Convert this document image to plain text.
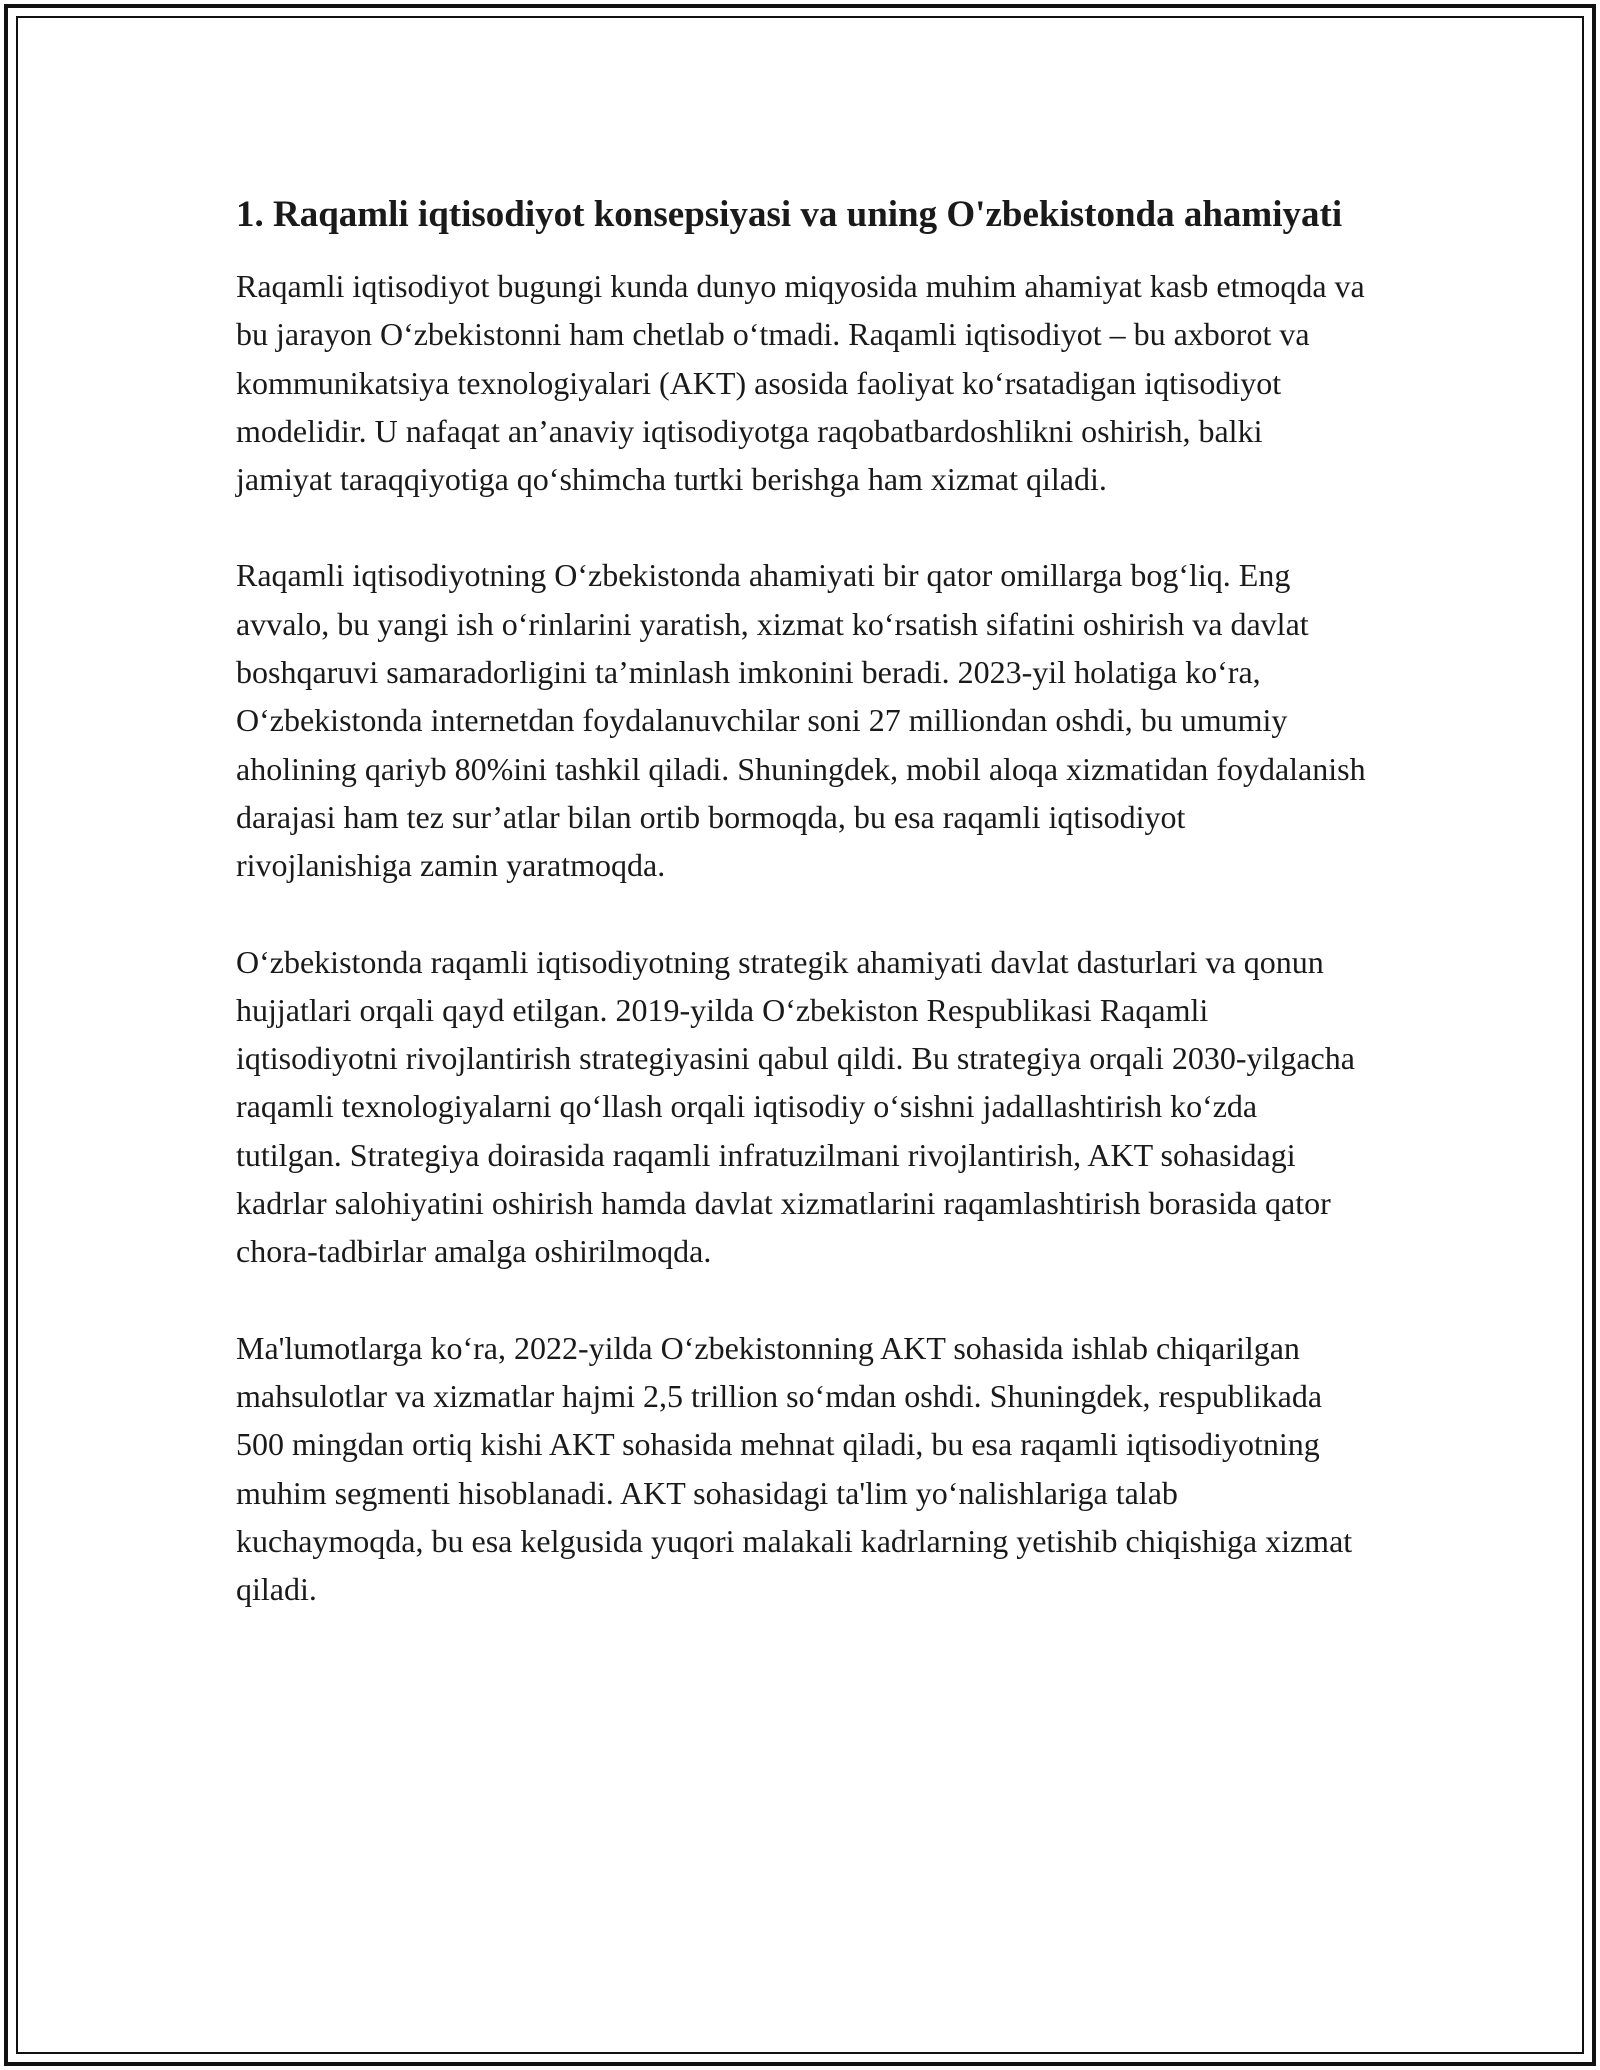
1. Raqamli iqtisodiyot konsepsiyasi va uning O'zbekistonda ahamiyati

Raqamli iqtisodiyot bugungi kunda dunyo miqyosida muhim ahamiyat kasb etmoqda va bu jarayon O‘zbekistonni ham chetlab o‘tmadi. Raqamli iqtisodiyot – bu axborot va kommunikatsiya texnologiyalari (AKT) asosida faoliyat ko‘rsatadigan iqtisodiyot modelidir. U nafaqat an’anaviy iqtisodiyotga raqobatbardoshlikni oshirish, balki jamiyat taraqqiyotiga qo‘shimcha turtki berishga ham xizmat qiladi.

Raqamli iqtisodiyotning O‘zbekistonda ahamiyati bir qator omillarga bog‘liq. Eng avvalo, bu yangi ish o‘rinlarini yaratish, xizmat ko‘rsatish sifatini oshirish va davlat boshqaruvi samaradorligini ta’minlash imkonini beradi. 2023-yil holatiga ko‘ra, O‘zbekistonda internetdan foydalanuvchilar soni 27 milliondan oshdi, bu umumiy aholining qariyb 80%ini tashkil qiladi. Shuningdek, mobil aloqa xizmatidan foydalanish darajasi ham tez sur’atlar bilan ortib bormoqda, bu esa raqamli iqtisodiyot rivojlanishiga zamin yaratmoqda.

O‘zbekistonda raqamli iqtisodiyotning strategik ahamiyati davlat dasturlari va qonun hujjatlari orqali qayd etilgan. 2019-yilda O‘zbekiston Respublikasi Raqamli iqtisodiyotni rivojlantirish strategiyasini qabul qildi. Bu strategiya orqali 2030-yilgacha raqamli texnologiyalarni qo‘llash orqali iqtisodiy o‘sishni jadallashtirish ko‘zda tutilgan. Strategiya doirasida raqamli infratuzilmani rivojlantirish, AKT sohasidagi kadrlar salohiyatini oshirish hamda davlat xizmatlarini raqamlashtirish borasida qator chora-tadbirlar amalga oshirilmoqda.

Ma'lumotlarga ko‘ra, 2022-yilda O‘zbekistonning AKT sohasida ishlab chiqarilgan mahsulotlar va xizmatlar hajmi 2,5 trillion so‘mdan oshdi. Shuningdek, respublikada 500 mingdan ortiq kishi AKT sohasida mehnat qiladi, bu esa raqamli iqtisodiyotning muhim segmenti hisoblanadi. AKT sohasidagi ta'lim yo‘nalishlariga talab kuchaymoqda, bu esa kelgusida yuqori malakali kadrlarning yetishib chiqishiga xizmat qiladi.
